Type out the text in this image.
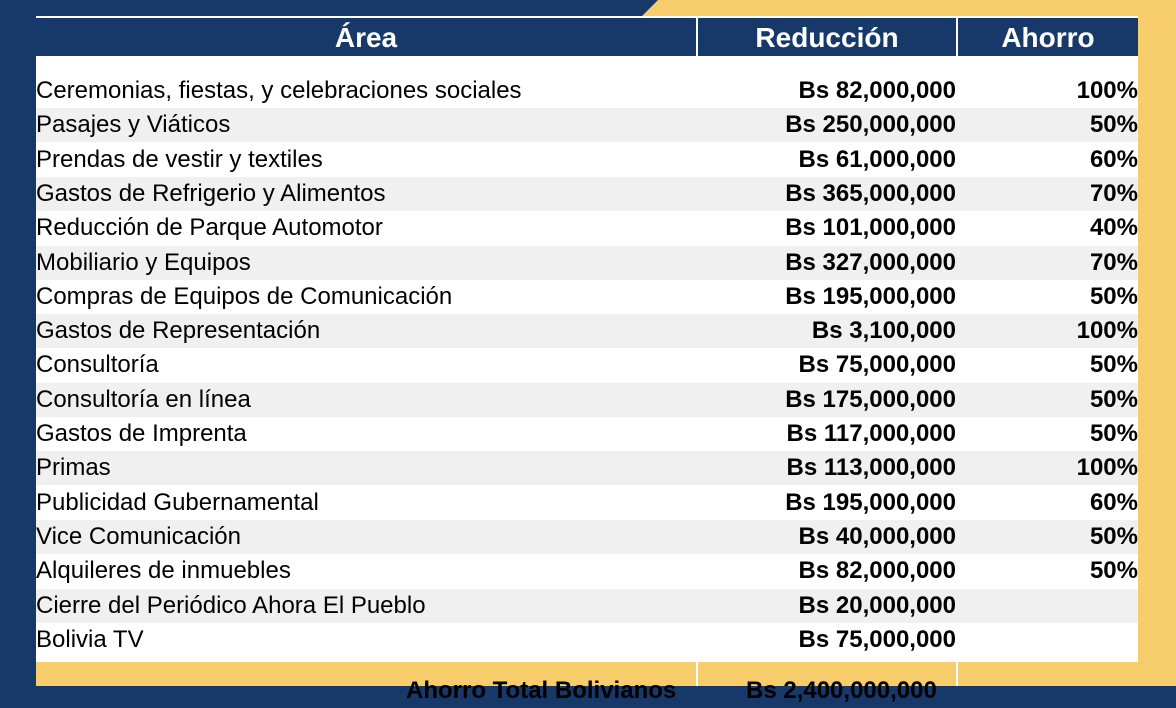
Área	Reducción	Ahorro
Ceremonias, fiestas, y celebraciones sociales	Bs 82,000,000	100%
Pasajes y Viáticos	Bs 250,000,000	50%
Prendas de vestir y textiles	Bs 61,000,000	60%
Gastos de Refrigerio y Alimentos	Bs 365,000,000	70%
Reducción de Parque Automotor	Bs 101,000,000	40%
Mobiliario y Equipos	Bs 327,000,000	70%
Compras de Equipos de Comunicación	Bs 195,000,000	50%
Gastos de Representación	Bs 3,100,000	100%
Consultoría	Bs 75,000,000	50%
Consultoría en línea	Bs 175,000,000	50%
Gastos de Imprenta	Bs 117,000,000	50%
Primas	Bs 113,000,000	100%
Publicidad Gubernamental	Bs 195,000,000	60%
Vice Comunicación	Bs 40,000,000	50%
Alquileres de inmuebles	Bs 82,000,000	50%
Cierre del Periódico Ahora El Pueblo	Bs 20,000,000
Bolivia TV	Bs 75,000,000
Ahorro Total Bolivianos	Bs 2,400,000,000
